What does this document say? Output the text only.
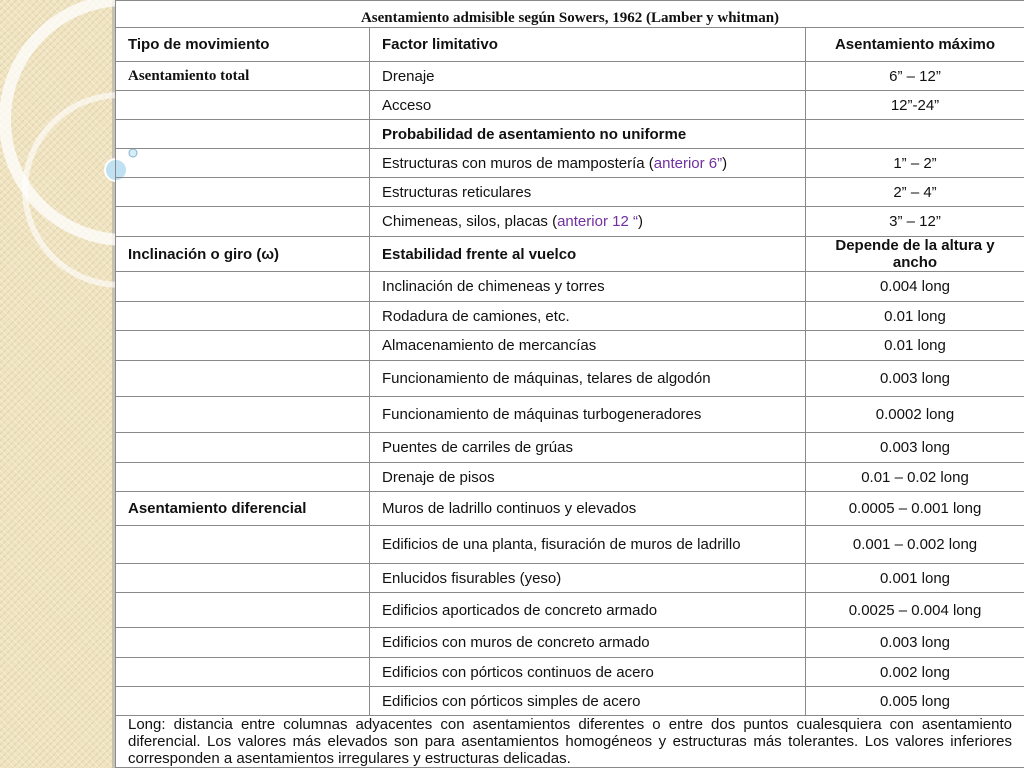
Asentamiento admisible según Sowers, 1962 (Lamber y whitman)		
Tipo de movimiento	Factor limitativo	Asentamiento máximo
Asentamiento total	Drenaje	6” – 12”
	Acceso	12”-24”
	Probabilidad de asentamiento no uniforme	
	Estructuras con muros de mampostería (anterior 6”)	1” – 2”
	Estructuras reticulares	2” – 4”
	Chimeneas, silos, placas (anterior 12 “)	3” – 12”
Inclinación o giro (ω)	Estabilidad frente al vuelco	Depende de la altura y ancho
	Inclinación de chimeneas y torres	0.004 long
	Rodadura de camiones, etc.	0.01 long
	Almacenamiento de mercancías	0.01 long
	Funcionamiento de máquinas, telares de algodón	0.003 long
	Funcionamiento de máquinas turbogeneradores	0.0002 long
	Puentes de carriles de grúas	0.003 long
	Drenaje de pisos	0.01 – 0.02 long
Asentamiento diferencial	Muros de ladrillo continuos y elevados	0.0005 – 0.001 long
	Edificios de una planta, fisuración de muros de ladrillo	0.001 – 0.002 long
	Enlucidos fisurables (yeso)	0.001 long
	Edificios aporticados de concreto armado	0.0025 – 0.004 long
	Edificios con muros de concreto armado	0.003 long
	Edificios con pórticos continuos de acero	0.002 long
	Edificios con pórticos simples de acero	0.005 long
Long: distancia entre columnas adyacentes con asentamientos diferentes o entre dos puntos cualesquiera con asentamiento diferencial. Los valores más elevados son para asentamientos homogéneos y estructuras más tolerantes. Los valores inferiores corresponden a asentamientos irregulares y estructuras delicadas.		
